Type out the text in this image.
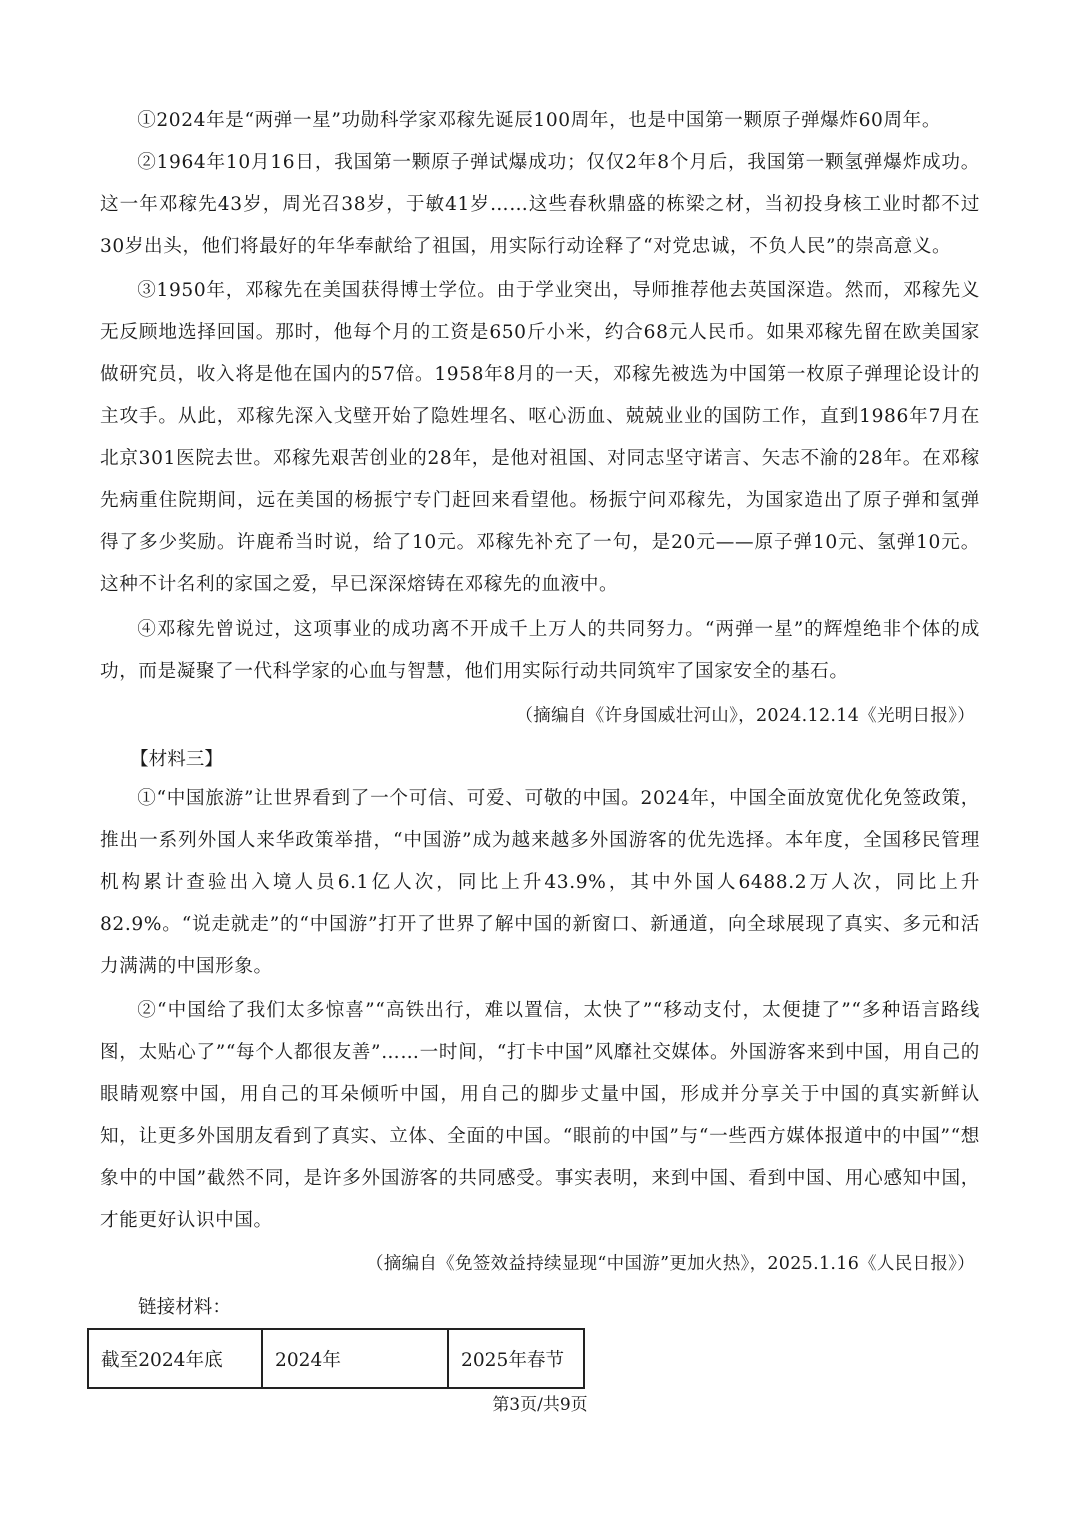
①2024年是“两弹一星”功勋科学家邓稼先诞辰100周年，也是中国第一颗原子弹爆炸60周年。

②1964年10月16日，我国第一颗原子弹试爆成功；仅仅2年8个月后，我国第一颗氢弹爆炸成功。这一年邓稼先43岁，周光召38岁，于敏41岁……这些春秋鼎盛的栋梁之材，当初投身核工业时都不过30岁出头，他们将最好的年华奉献给了祖国，用实际行动诠释了“对党忠诚，不负人民”的崇高意义。

③1950年，邓稼先在美国获得博士学位。由于学业突出，导师推荐他去英国深造。然而，邓稼先义无反顾地选择回国。那时，他每个月的工资是650斤小米，约合68元人民币。如果邓稼先留在欧美国家做研究员，收入将是他在国内的57倍。1958年8月的一天，邓稼先被选为中国第一枚原子弹理论设计的主攻手。从此，邓稼先深入戈壁开始了隐姓埋名、呕心沥血、兢兢业业的国防工作，直到1986年7月在北京301医院去世。邓稼先艰苦创业的28年，是他对祖国、对同志坚守诺言、矢志不渝的28年。在邓稼先病重住院期间，远在美国的杨振宁专门赶回来看望他。杨振宁问邓稼先，为国家造出了原子弹和氢弹得了多少奖励。许鹿希当时说，给了10元。邓稼先补充了一句，是20元——原子弹10元、氢弹10元。这种不计名利的家国之爱，早已深深熔铸在邓稼先的血液中。

④邓稼先曾说过，这项事业的成功离不开成千上万人的共同努力。“两弹一星”的辉煌绝非个体的成功，而是凝聚了一代科学家的心血与智慧，他们用实际行动共同筑牢了国家安全的基石。

（摘编自《许身国威壮河山》，2024.12.14《光明日报》）

【材料三】

①“中国旅游”让世界看到了一个可信、可爱、可敬的中国。2024年，中国全面放宽优化免签政策，推出一系列外国人来华政策举措，“中国游”成为越来越多外国游客的优先选择。本年度，全国移民管理机构累计查验出入境人员6.1亿人次，同比上升43.9%，其中外国人6488.2万人次，同比上升82.9%。“说走就走”的“中国游”打开了世界了解中国的新窗口、新通道，向全球展现了真实、多元和活力满满的中国形象。

②“中国给了我们太多惊喜”“高铁出行，难以置信，太快了”“移动支付，太便捷了”“多种语言路线图，太贴心了”“每个人都很友善”……一时间，“打卡中国”风靡社交媒体。外国游客来到中国，用自己的眼睛观察中国，用自己的耳朵倾听中国，用自己的脚步丈量中国，形成并分享关于中国的真实新鲜认知，让更多外国朋友看到了真实、立体、全面的中国。“眼前的中国”与“一些西方媒体报道中的中国”“想象中的中国”截然不同，是许多外国游客的共同感受。事实表明，来到中国、看到中国、用心感知中国，才能更好认识中国。

（摘编自《免签效益持续显现“中国游”更加火热》，2025.1.16《人民日报》）

链接材料：

截至2024年底	2024年	2025年春节

第3页/共9页
